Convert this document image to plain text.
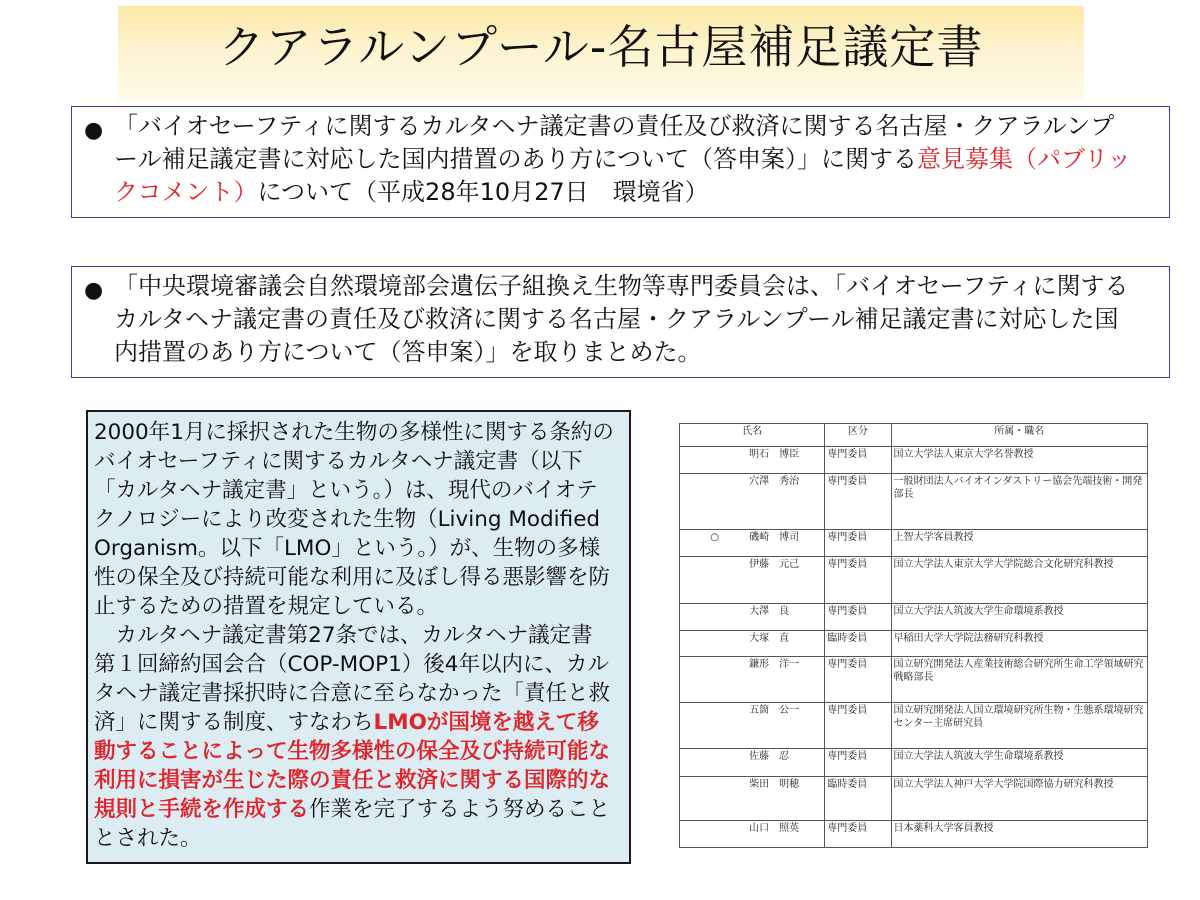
クアラルンプール-名古屋補足議定書
● 「バイオセーフティに関するカルタヘナ議定書の責任及び救済に関する名古屋・クアラルンプール補足議定書に対応した国内措置のあり方について（答申案）」に関する意見募集（パブリックコメント）について（平成28年10月27日　環境省）
● 「中央環境審議会自然環境部会遺伝子組換え生物等専門委員会は、「バイオセーフティに関するカルタヘナ議定書の責任及び救済に関する名古屋・クアラルンプール補足議定書に対応した国内措置のあり方について（答申案）」を取りまとめた。

2000年1月に採択された生物の多様性に関する条約のバイオセーフティに関するカルタヘナ議定書（以下「カルタヘナ議定書」という。）は、現代のバイオテクノロジーにより改変された生物（Living Modified Organism。以下「LMO」という。）が、生物の多様性の保全及び持続可能な利用に及ぼし得る悪影響を防止するための措置を規定している。

カルタヘナ議定書第27条では、カルタヘナ議定書第１回締約国会合（COP-MOP1）後4年以内に、カルタヘナ議定書採択時に合意に至らなかった「責任と救済」に関する制度、すなわちLMOが国境を越えて移動することによって生物多様性の保全及び持続可能な利用に損害が生じた際の責任と救済に関する国際的な規則と手続を作成する作業を完了するよう努めることとされた。

氏名		区分	所属・職名
	明石　博臣	専門委員	国立大学法人東京大学名誉教授
	穴澤　秀治	専門委員	一般財団法人バイオインダストリー協会先端技術・開発部長
○	磯崎　博司	専門委員	上智大学客員教授
	伊藤　元己	専門委員	国立大学法人東京大学大学院総合文化研究科教授
	大澤　良	専門委員	国立大学法人筑波大学生命環境系教授
	大塚　直	臨時委員	早稲田大学大学院法務研究科教授
	鎌形　洋一	専門委員	国立研究開発法人産業技術総合研究所生命工学領域研究戦略部長
	五箇　公一	専門委員	国立研究開発法人国立環境研究所生物・生態系環境研究センター主席研究員
	佐藤　忍	専門委員	国立大学法人筑波大学生命環境系教授
	柴田　明穂	臨時委員	国立大学法人神戸大学大学院国際協力研究科教授
	山口　照英	専門委員	日本薬科大学客員教授
